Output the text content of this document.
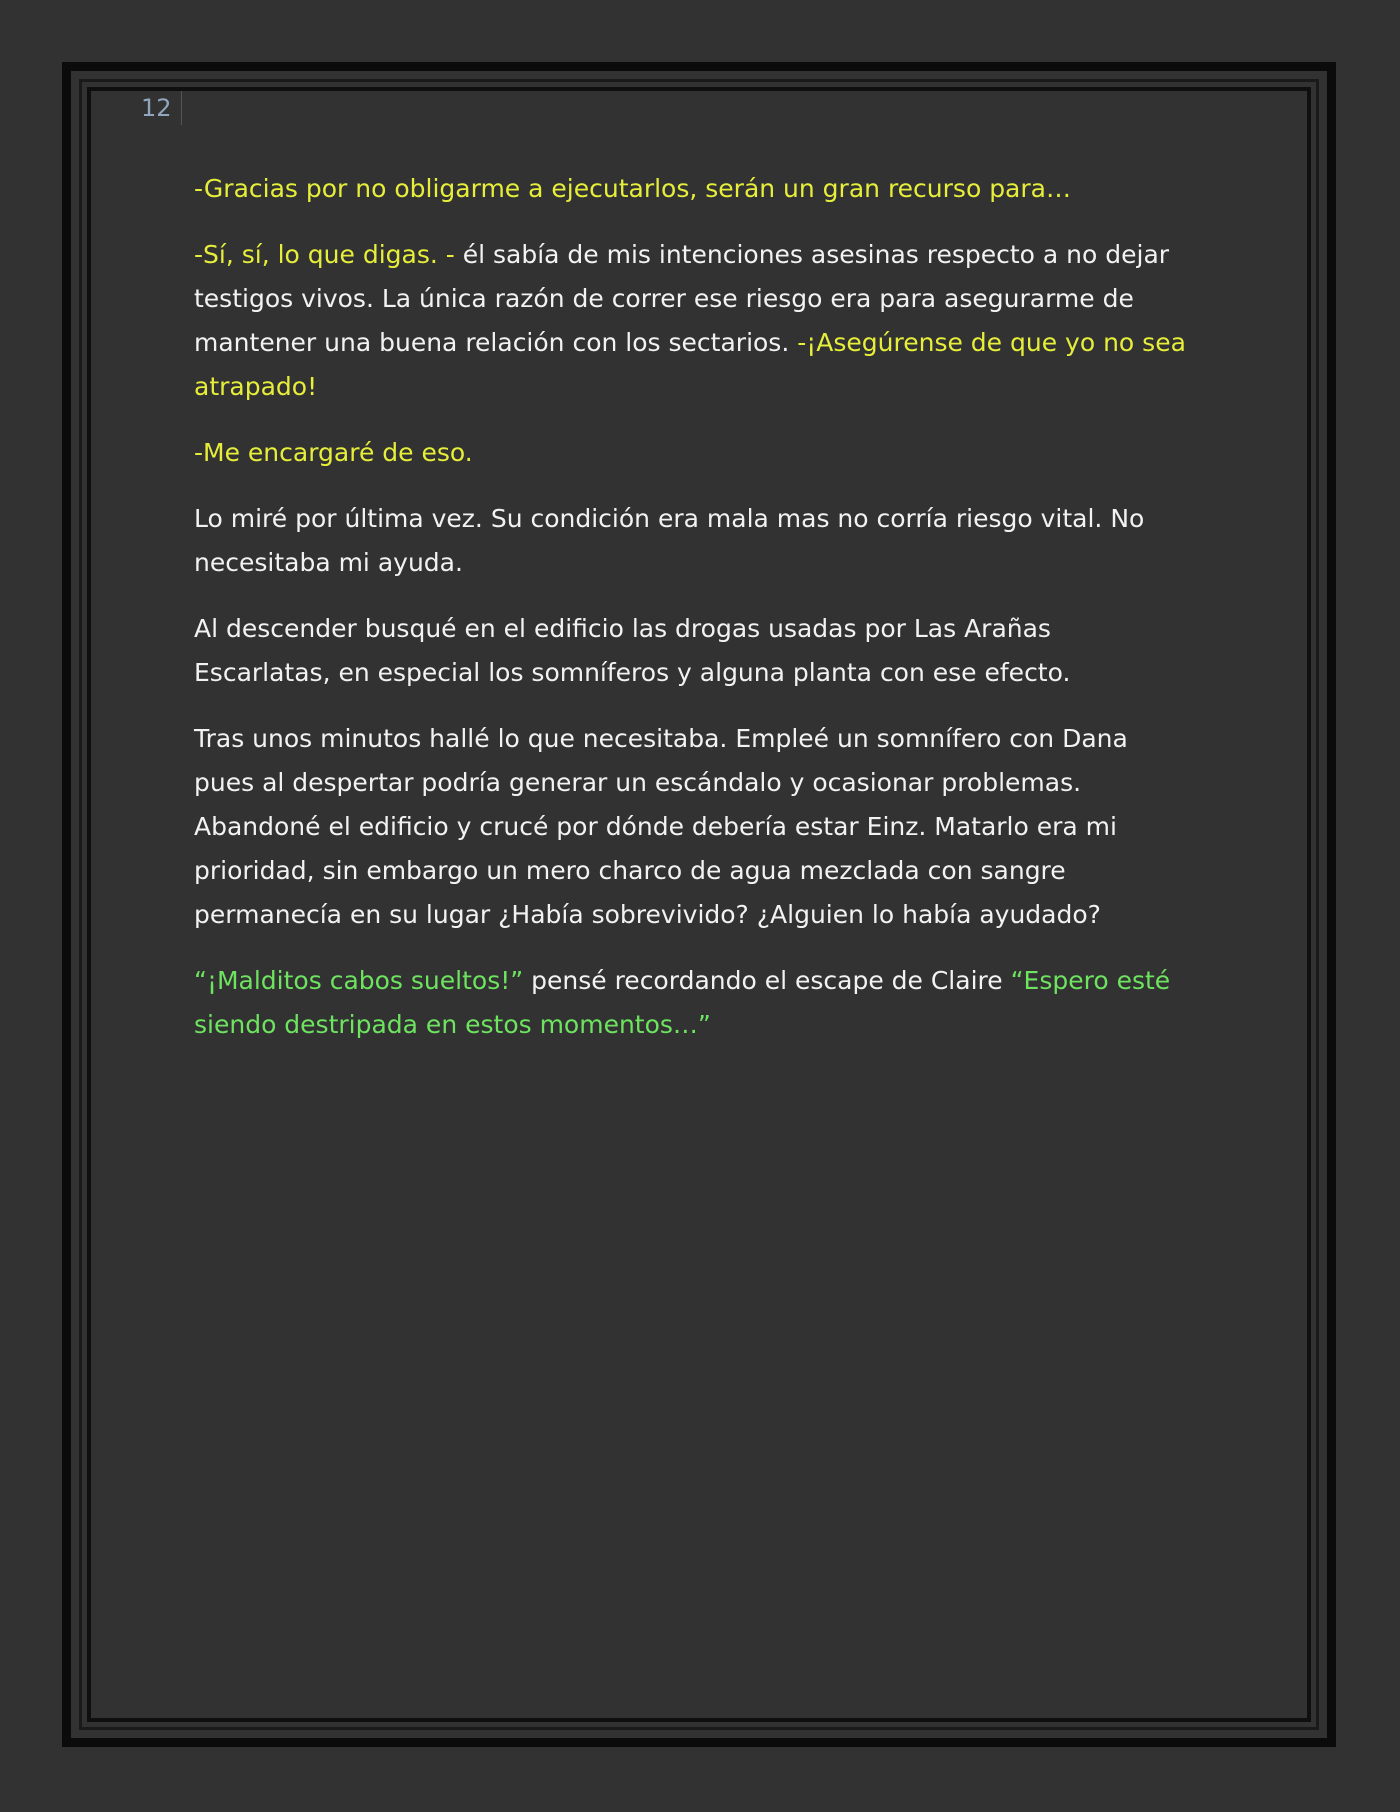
12

-Gracias por no obligarme a ejecutarlos, serán un gran recurso para…

-Sí, sí, lo que digas. - él sabía de mis intenciones asesinas respecto a no dejar testigos vivos. La única razón de correr ese riesgo era para asegurarme de mantener una buena relación con los sectarios. -¡Asegúrense de que yo no sea atrapado!

-Me encargaré de eso.

Lo miré por última vez. Su condición era mala mas no corría riesgo vital. No necesitaba mi ayuda.

Al descender busqué en el edificio las drogas usadas por Las Arañas Escarlatas, en especial los somníferos y alguna planta con ese efecto.

Tras unos minutos hallé lo que necesitaba. Empleé un somnífero con Dana pues al despertar podría generar un escándalo y ocasionar problemas. Abandoné el edificio y crucé por dónde debería estar Einz. Matarlo era mi prioridad, sin embargo un mero charco de agua mezclada con sangre permanecía en su lugar ¿Había sobrevivido? ¿Alguien lo había ayudado?

“¡Malditos cabos sueltos!” pensé recordando el escape de Claire “Espero esté siendo destripada en estos momentos…”
